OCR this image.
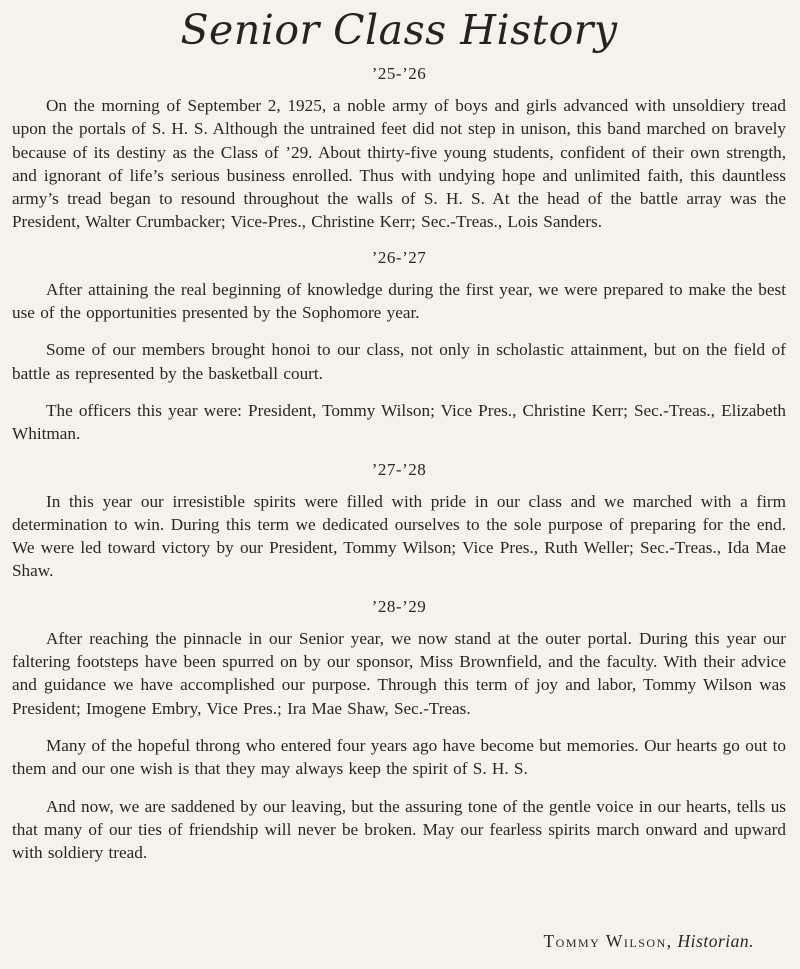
Senior Class History

’25-’26

On the morning of September 2, 1925, a noble army of boys and girls advanced with unsoldiery tread upon the portals of S. H. S. Although the untrained feet did not step in unison, this band marched on bravely because of its destiny as the Class of ’29. About thirty-five young students, confident of their own strength, and ignorant of life’s serious business enrolled. Thus with undying hope and unlimited faith, this dauntless army’s tread began to resound throughout the walls of S. H. S. At the head of the battle array was the President, Walter Crumbacker; Vice-Pres., Christine Kerr; Sec.-Treas., Lois Sanders.

’26-’27

After attaining the real beginning of knowledge during the first year, we were prepared to make the best use of the opportunities presented by the Sophomore year.

Some of our members brought honoi to our class, not only in scholastic attainment, but on the field of battle as represented by the basketball court.

The officers this year were: President, Tommy Wilson; Vice Pres., Christine Kerr; Sec.-Treas., Elizabeth Whitman.

’27-’28

In this year our irresistible spirits were filled with pride in our class and we marched with a firm determination to win. During this term we dedicated ourselves to the sole purpose of preparing for the end. We were led toward victory by our President, Tommy Wilson; Vice Pres., Ruth Weller; Sec.-Treas., Ida Mae Shaw.

’28-’29

After reaching the pinnacle in our Senior year, we now stand at the outer portal. During this year our faltering footsteps have been spurred on by our sponsor, Miss Brownfield, and the faculty. With their advice and guidance we have accomplished our purpose. Through this term of joy and labor, Tommy Wilson was President; Imogene Embry, Vice Pres.; Ira Mae Shaw, Sec.-Treas.

Many of the hopeful throng who entered four years ago have become but memories. Our hearts go out to them and our one wish is that they may always keep the spirit of S. H. S.

And now, we are saddened by our leaving, but the assuring tone of the gentle voice in our hearts, tells us that many of our ties of friendship will never be broken. May our fearless spirits march onward and upward with soldiery tread.

Tommy Wilson, Historian.
